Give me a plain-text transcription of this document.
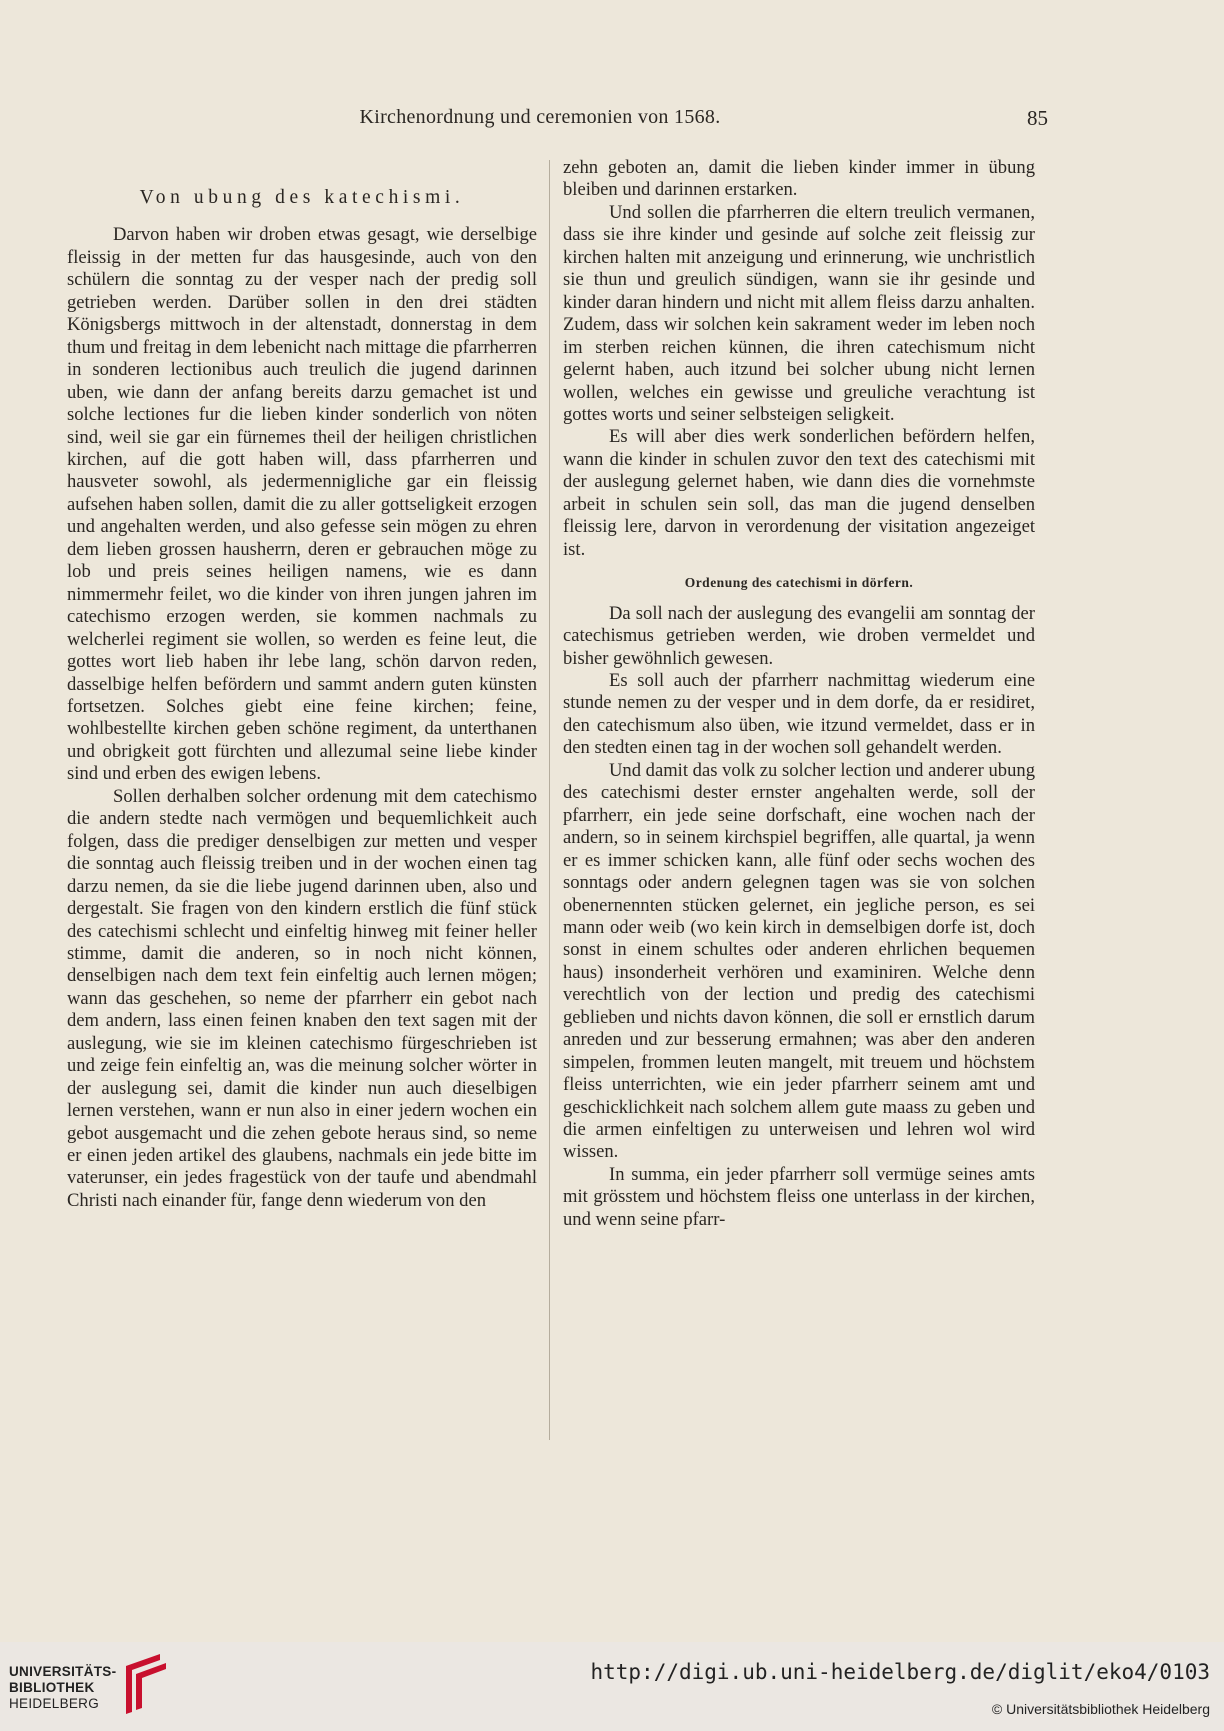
Kirchenordnung und ceremonien von 1568.	85
Von ubung des katechismi.

Darvon haben wir droben etwas gesagt, wie derselbige fleissig in der metten fur das hausgesinde, auch von den schülern die sonntag zu der vesper nach der predig soll getrieben werden. Darüber sollen in den drei städten Königsbergs mittwoch in der altenstadt, donnerstag in dem thum und freitag in dem lebenicht nach mittage die pfarrherren in sonderen lectionibus auch treulich die jugend darinnen uben, wie dann der anfang bereits darzu gemachet ist und solche lectiones fur die lieben kinder sonderlich von nöten sind, weil sie gar ein fürnemes theil der heiligen christlichen kirchen, auf die gott haben will, dass pfarrherren und hausveter sowohl, als jedermennigliche gar ein fleissig aufsehen haben sollen, damit die zu aller gottseligkeit erzogen und angehalten werden, und also gefesse sein mögen zu ehren dem lieben grossen hausherrn, deren er gebrauchen möge zu lob und preis seines heiligen namens, wie es dann nimmermehr feilet, wo die kinder von ihren jungen jahren im catechismo erzogen werden, sie kommen nachmals zu welcherlei regiment sie wollen, so werden es feine leut, die gottes wort lieb haben ihr lebe lang, schön darvon reden, dasselbige helfen befördern und sammt andern guten künsten fortsetzen. Solches giebt eine feine kirchen; feine, wohlbestellte kirchen geben schöne regiment, da unterthanen und obrigkeit gott fürchten und allezumal seine liebe kinder sind und erben des ewigen lebens.

Sollen derhalben solcher ordenung mit dem catechismo die andern stedte nach vermögen und bequemlichkeit auch folgen, dass die prediger denselbigen zur metten und vesper die sonntag auch fleissig treiben und in der wochen einen tag darzu nemen, da sie die liebe jugend darinnen uben, also und dergestalt. Sie fragen von den kindern erstlich die fünf stück des catechismi schlecht und einfeltig hinweg mit feiner heller stimme, damit die anderen, so in noch nicht können, denselbigen nach dem text fein einfeltig auch lernen mögen; wann das geschehen, so neme der pfarrherr ein gebot nach dem andern, lass einen feinen knaben den text sagen mit der auslegung, wie sie im kleinen catechismo fürgeschrieben ist und zeige fein einfeltig an, was die meinung solcher wörter in der auslegung sei, damit die kinder nun auch dieselbigen lernen verstehen, wann er nun also in einer jedern wochen ein gebot ausgemacht und die zehen gebote heraus sind, so neme er einen jeden artikel des glaubens, nachmals ein jede bitte im vaterunser, ein jedes fragestück von der taufe und abendmahl Christi nach einander für, fange denn wiederum von den

zehn geboten an, damit die lieben kinder immer in übung bleiben und darinnen erstarken.

Und sollen die pfarrherren die eltern treulich vermanen, dass sie ihre kinder und gesinde auf solche zeit fleissig zur kirchen halten mit anzeigung und erinnerung, wie unchristlich sie thun und greulich sündigen, wann sie ihr gesinde und kinder daran hindern und nicht mit allem fleiss darzu anhalten. Zudem, dass wir solchen kein sakrament weder im leben noch im sterben reichen künnen, die ihren catechismum nicht gelernt haben, auch itzund bei solcher ubung nicht lernen wollen, welches ein gewisse und greuliche verachtung ist gottes worts und seiner selbsteigen seligkeit.

Es will aber dies werk sonderlichen befördern helfen, wann die kinder in schulen zuvor den text des catechismi mit der auslegung gelernet haben, wie dann dies die vornehmste arbeit in schulen sein soll, das man die jugend denselben fleissig lere, darvon in verordenung der visitation angezeiget ist.

Ordenung des catechismi in dörfern.

Da soll nach der auslegung des evangelii am sonntag der catechismus getrieben werden, wie droben vermeldet und bisher gewöhnlich gewesen.

Es soll auch der pfarrherr nachmittag wiederum eine stunde nemen zu der vesper und in dem dorfe, da er residiret, den catechismum also üben, wie itzund vermeldet, dass er in den stedten einen tag in der wochen soll gehandelt werden.

Und damit das volk zu solcher lection und anderer ubung des catechismi dester ernster angehalten werde, soll der pfarrherr, ein jede seine dorfschaft, eine wochen nach der andern, so in seinem kirchspiel begriffen, alle quartal, ja wenn er es immer schicken kann, alle fünf oder sechs wochen des sonntags oder andern gelegnen tagen was sie von solchen obenernennten stücken gelernet, ein jegliche person, es sei mann oder weib (wo kein kirch in demselbigen dorfe ist, doch sonst in einem schultes oder anderen ehrlichen bequemen haus) insonderheit verhören und examiniren. Welche denn verechtlich von der lection und predig des catechismi geblieben und nichts davon können, die soll er ernstlich darum anreden und zur besserung ermahnen; was aber den anderen simpelen, frommen leuten mangelt, mit treuem und höchstem fleiss unterrichten, wie ein jeder pfarrherr seinem amt und geschicklichkeit nach solchem allem gute maass zu geben und die armen einfeltigen zu unterweisen und lehren wol wird wissen.

In summa, ein jeder pfarrherr soll vermüge seines amts mit grösstem und höchstem fleiss one unterlass in der kirchen, und wenn seine pfarr-

UNIVERSITÄTS-
BIBLIOTHEK
HEIDELBERG
http://digi.ub.uni-heidelberg.de/diglit/eko4/0103
© Universitätsbibliothek Heidelberg
